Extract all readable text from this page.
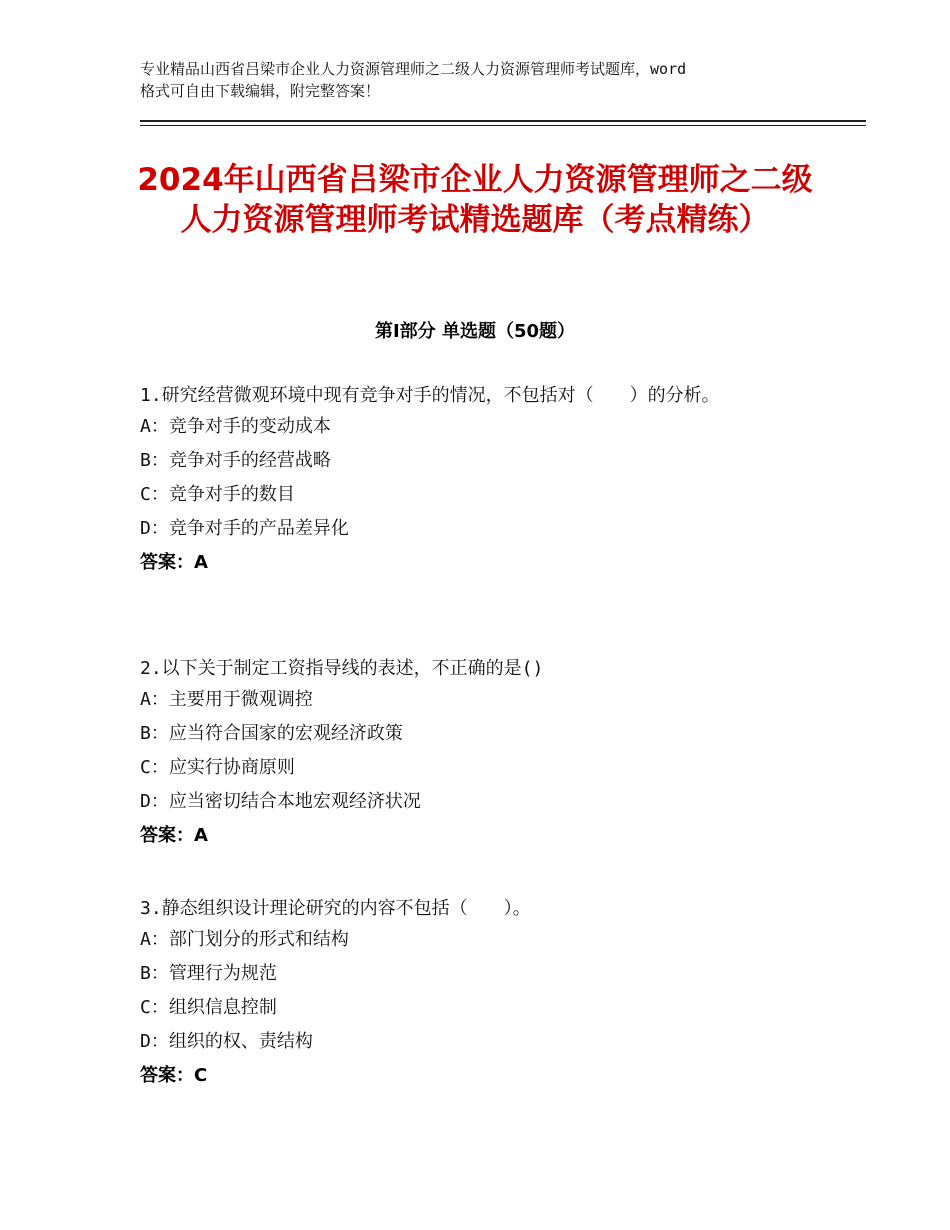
专业精品山西省吕梁市企业人力资源管理师之二级人力资源管理师考试题库，word
格式可自由下载编辑，附完整答案！
2024年山西省吕梁市企业人力资源管理师之二级人力资源管理师考试精选题库（考点精练）
第Ⅰ部分 单选题（50题）

1.研究经营微观环境中现有竞争对手的情况，不包括对（　　）的分析。

A：竞争对手的变动成本

B：竞争对手的经营战略

C：竞争对手的数目

D：竞争对手的产品差异化

答案：A

2.以下关于制定工资指导线的表述，不正确的是()

A：主要用于微观调控

B：应当符合国家的宏观经济政策

C：应实行协商原则

D：应当密切结合本地宏观经济状况

答案：A

3.静态组织设计理论研究的内容不包括（　　）。

A：部门划分的形式和结构

B：管理行为规范

C：组织信息控制

D：组织的权、责结构

答案：C
